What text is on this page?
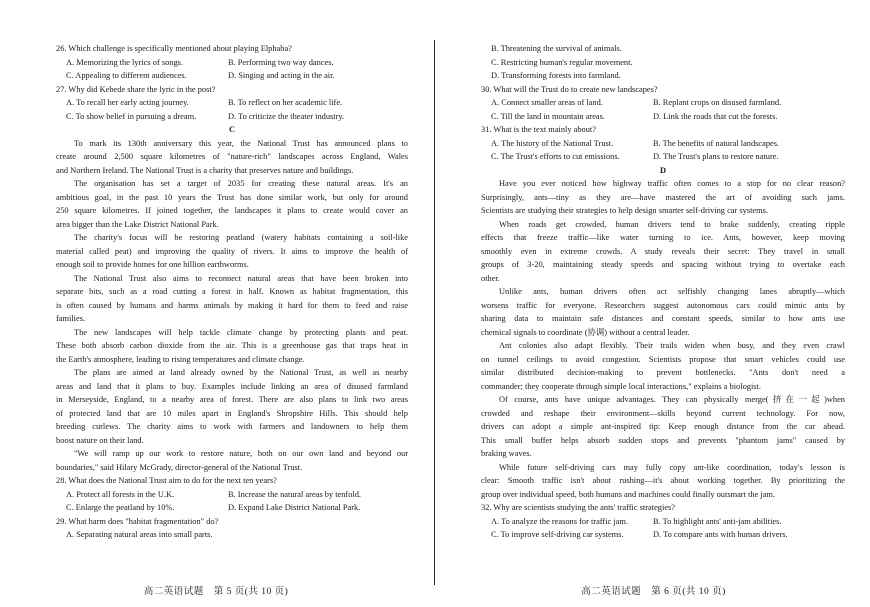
26. Which challenge is specifically mentioned about playing Elphaba?
A. Memorizing the lyrics of songs.	B. Performing two way dances.
C. Appealing to different audiences.	D. Singing and acting in the air.
27. Why did Kebede share the lyric in the post?
A. To recall her early acting journey.	B. To reflect on her academic life.
C. To show belief in pursuing a dream.	D. To criticize the theater industry.
C
To mark its 130th anniversary this year, the National Trust has announced plans to
create around 2,500 square kilometres of "nature-rich" landscapes across England, Wales
and Northern Ireland. The National Trust is a charity that preserves nature and buildings.
The organisation has set a target of 2035 for creating these natural areas. It's an
ambitious goal, in the past 10 years the Trust has done similar work, but only for around
250 square kilometres. If joined together, the landscapes it plans to create would cover an
area bigger than the Lake District National Park.
The charity's focus will be restoring peatland (watery habitats containing a soil-like
material called peat) and improving the quality of rivers. It aims to improve the health of
enough soil to provide homes for one billion earthworms.
The National Trust also aims to reconnect natural areas that have been broken into
separate bits, such as a road cutting a forest in half. Known as habitat fragmentation, this
is often caused by humans and harms animals by making it hard for them to feed and raise
families.
The new landscapes will help tackle climate change by protecting plants and peat.
These both absorb carbon dioxide from the air. This is a greenhouse gas that traps heat in
the Earth's atmosphere, leading to rising temperatures and climate change.
The plans are aimed at land already owned by the National Trust, as well as nearby
areas and land that it plans to buy. Examples include linking an area of disused farmland
in Merseyside, England, to a nearby area of forest. There are also plans to link two areas
of protected land that are 10 miles apart in England's Shropshire Hills. This should help
breeding curlews. The charity aims to work with farmers and landowners to help them
boost nature on their land.
"We will ramp up our work to restore nature, both on our own land and beyond our
boundaries," said Hilary McGrady, director-general of the National Trust.
28. What does the National Trust aim to do for the next ten years?
A. Protect all forests in the U.K.	B. Increase the natural areas by tenfold.
C. Enlarge the peatland by 10%.	D. Expand Lake District National Park.
29. What harm does "habitat fragmentation" do?
A. Separating natural areas into small parts.
高二英语试题　第 5 页(共 10 页)
B. Threatening the survival of animals.
C. Restricting human's regular movement.
D. Transforming forests into farmland.
30. What will the Trust do to create new landscapes?
A. Connect smaller areas of land.	B. Replant crops on disused farmland.
C. Till the land in mountain areas.	D. Link the roads that cut the forests.
31. What is the text mainly about?
A. The history of the National Trust.	B. The benefits of natural landscapes.
C. The Trust's efforts to cut emissions.	D. The Trust's plans to restore nature.
D
Have you ever noticed how highway traffic often comes to a stop for no clear reason?
Surprisingly, ants—tiny as they are—have mastered the art of avoiding such jams.
Scientists are studying their strategies to help design smarter self-driving car systems.
When roads get crowded, human drivers tend to brake suddenly, creating ripple
effects that freeze traffic—like water turning to ice. Ants, however, keep moving
smoothly even in extreme crowds. A study reveals their secret: They travel in small
groups of 3-20, maintaining steady speeds and spacing without trying to overtake each
other.
Unlike ants, human drivers often act selfishly changing lanes abruptly—which
worsens traffic for everyone. Researchers suggest autonomous cars could mimic ants by
sharing data to maintain safe distances and constant speeds, similar to how ants use
chemical signals to coordinate (协调) without a central leader.
Ant colonies also adapt flexibly. Their trails widen when busy, and they even crawl
on tunnel ceilings to avoid congestion. Scientists propose that smart vehicles could use
similar distributed decision-making to prevent bottlenecks. "Ants don't need a
commander; they cooperate through simple local interactions," explains a biologist.
Of course, ants have unique advantages. They can physically merge(挤在一起)when
crowded and reshape their environment—skills beyond current technology. For now,
drivers can adopt a simple ant-inspired tip: Keep enough distance from the car ahead.
This small buffer helps absorb sudden stops and prevents "phantom jams" caused by
braking waves.
While future self-driving cars may fully copy ant-like coordination, today's lesson is
clear: Smooth traffic isn't about rushing—it's about working together. By prioritizing the
group over individual speed, both humans and machines could finally outsmart the jam.
32. Why are scientists studying the ants' traffic strategies?
A. To analyze the reasons for traffic jam.	B. To highlight ants' anti-jam abilities.
C. To improve self-driving car systems.	D. To compare ants with human drivers.
高二英语试题　第 6 页(共 10 页)
